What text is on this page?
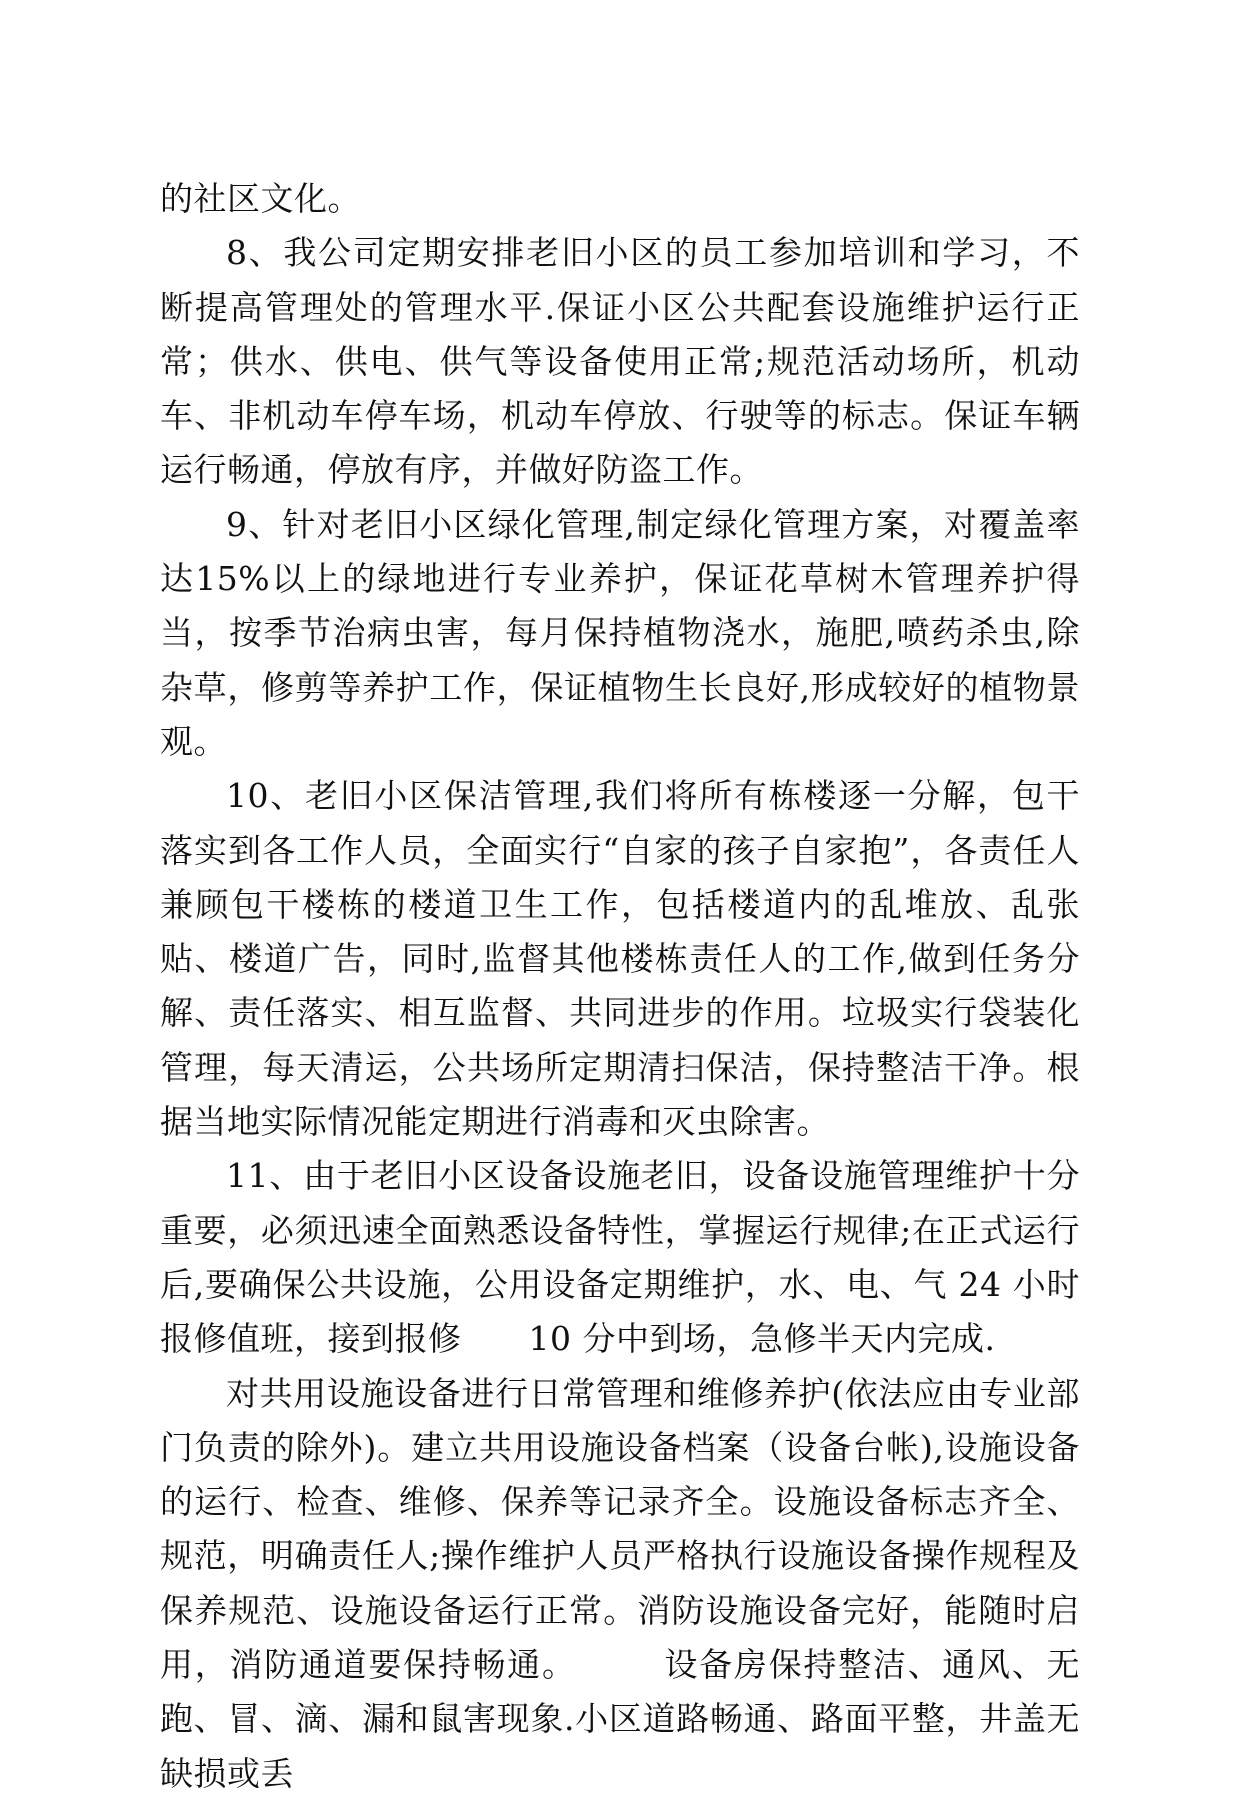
的社区文化。

8、我公司定期安排老旧小区的员工参加培训和学习，不断提高管理处的管理水平.保证小区公共配套设施维护运行正常；供水、供电、供气等设备使用正常;规范活动场所，机动车、非机动车停车场，机动车停放、行驶等的标志。保证车辆运行畅通，停放有序，并做好防盗工作。

9、针对老旧小区绿化管理,制定绿化管理方案，对覆盖率达15%以上的绿地进行专业养护，保证花草树木管理养护得当，按季节治病虫害，每月保持植物浇水，施肥,喷药杀虫,除杂草，修剪等养护工作，保证植物生长良好,形成较好的植物景观。

10、老旧小区保洁管理,我们将所有栋楼逐一分解，包干落实到各工作人员，全面实行“自家的孩子自家抱”，各责任人兼顾包干楼栋的楼道卫生工作，包括楼道内的乱堆放、乱张贴、楼道广告，同时,监督其他楼栋责任人的工作,做到任务分解、责任落实、相互监督、共同进步的作用。垃圾实行袋装化管理，每天清运，公共场所定期清扫保洁，保持整洁干净。根据当地实际情况能定期进行消毒和灭虫除害。

11、由于老旧小区设备设施老旧，设备设施管理维护十分重要，必须迅速全面熟悉设备特性，掌握运行规律;在正式运行后,要确保公共设施，公用设备定期维护，水、电、气 24 小时报修值班，接到报修　　10 分中到场，急修半天内完成.

对共用设施设备进行日常管理和维修养护(依法应由专业部门负责的除外)。建立共用设施设备档案（设备台帐),设施设备的运行、检查、维修、保养等记录齐全。设施设备标志齐全、规范，明确责任人;操作维护人员严格执行设施设备操作规程及保养规范、设施设备运行正常。消防设施设备完好，能随时启用，消防通道要保持畅通。　　　设备房保持整洁、通风、无跑、冒、滴、漏和鼠害现象.小区道路畅通、路面平整，井盖无缺损或丢
